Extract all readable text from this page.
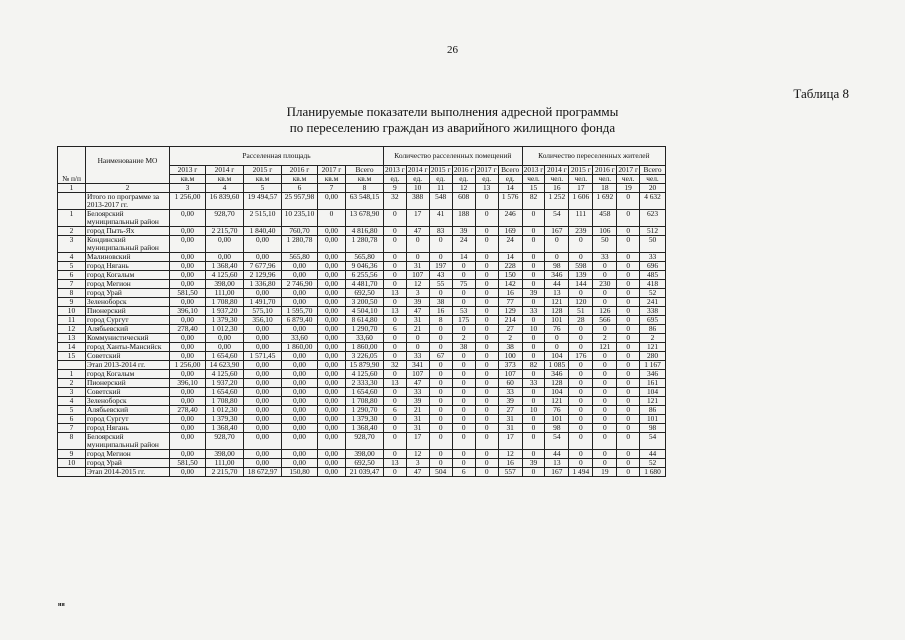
26
Таблица 8
Планируемые показатели выполнения адресной программы
по переселению граждан из аварийного жилищного фонда
№ п/п	Наименование МО	Расселенная площадь						Количество расселенных помещений						Количество переселенных жителей					
		2013 г	2014 г	2015 г	2016 г	2017 г	Всего	2013 г	2014 г	2015 г	2016 г	2017 г	Всего	2013 г	2014 г	2015 г	2016 г	2017 г	Всего
		кв.м	кв.м	кв.м	кв.м	кв.м	кв.м	ед.	ед.	ед.	ед.	ед.	ед.	чел.	чел.	чел.	чел.	чел.	чел.
1	2	3	4	5	6	7	8	9	10	11	12	13	14	15	16	17	18	19	20
	Итого по программе за 2013-2017 гг.	1 256,00	16 839,60	19 494,57	25 957,98	0,00	63 548,15	32	388	548	608	0	1 576	82	1 252	1 606	1 692	0	4 632
1	Белоярский муниципальный район	0,00	928,70	2 515,10	10 235,10	0	13 678,90	0	17	41	188	0	246	0	54	111	458	0	623
2	город Пыть-Ях	0,00	2 215,70	1 840,40	760,70	0,00	4 816,80	0	47	83	39	0	169	0	167	239	106	0	512
3	Кондинский муниципальный район	0,00	0,00	0,00	1 280,78	0,00	1 280,78	0	0	0	24	0	24	0	0	0	50	0	50
4	Малиновский	0,00	0,00	0,00	565,80	0,00	565,80	0	0	0	14	0	14	0	0	0	33	0	33
5	город Нягань	0,00	1 368,40	7 677,96	0,00	0,00	9 046,36	0	31	197	0	0	228	0	98	598	0	0	696
6	город Когалым	0,00	4 125,60	2 129,96	0,00	0,00	6 255,56	0	107	43	0	0	150	0	346	139	0	0	485
7	город Мегион	0,00	398,00	1 336,80	2 746,90	0,00	4 481,70	0	12	55	75	0	142	0	44	144	230	0	418
8	город Урай	581,50	111,00	0,00	0,00	0,00	692,50	13	3	0	0	0	16	39	13	0	0	0	52
9	Зеленоборск	0,00	1 708,80	1 491,70	0,00	0,00	3 200,50	0	39	38	0	0	77	0	121	120	0	0	241
10	Пионерский	396,10	1 937,20	575,10	1 595,70	0,00	4 504,10	13	47	16	53	0	129	33	128	51	126	0	338
11	город Сургут	0,00	1 379,30	356,10	6 879,40	0,00	8 614,80	0	31	8	175	0	214	0	101	28	566	0	695
12	Алябьевский	278,40	1 012,30	0,00	0,00	0,00	1 290,70	6	21	0	0	0	27	10	76	0	0	0	86
13	Коммунистический	0,00	0,00	0,00	33,60	0,00	33,60	0	0	0	2	0	2	0	0	0	2	0	2
14	город Ханты-Мансийск	0,00	0,00	0,00	1 860,00	0,00	1 860,00	0	0	0	38	0	38	0	0	0	121	0	121
15	Советский	0,00	1 654,60	1 571,45	0,00	0,00	3 226,05	0	33	67	0	0	100	0	104	176	0	0	280
	Этап 2013-2014 гг.	1 256,00	14 623,90	0,00	0,00	0,00	15 879,90	32	341	0	0	0	373	82	1 085	0	0	0	1 167
1	город Когалым	0,00	4 125,60	0,00	0,00	0,00	4 125,60	0	107	0	0	0	107	0	346	0	0	0	346
2	Пионерский	396,10	1 937,20	0,00	0,00	0,00	2 333,30	13	47	0	0	0	60	33	128	0	0	0	161
3	Советский	0,00	1 654,60	0,00	0,00	0,00	1 654,60	0	33	0	0	0	33	0	104	0	0	0	104
4	Зеленоборск	0,00	1 708,80	0,00	0,00	0,00	1 708,80	0	39	0	0	0	39	0	121	0	0	0	121
5	Алябьевский	278,40	1 012,30	0,00	0,00	0,00	1 290,70	6	21	0	0	0	27	10	76	0	0	0	86
6	город Сургут	0,00	1 379,30	0,00	0,00	0,00	1 379,30	0	31	0	0	0	31	0	101	0	0	0	101
7	город Нягань	0,00	1 368,40	0,00	0,00	0,00	1 368,40	0	31	0	0	0	31	0	98	0	0	0	98
8	Белоярский муниципальный район	0,00	928,70	0,00	0,00	0,00	928,70	0	17	0	0	0	17	0	54	0	0	0	54
9	город Мегион	0,00	398,00	0,00	0,00	0,00	398,00	0	12	0	0	0	12	0	44	0	0	0	44
10	город Урай	581,50	111,00	0,00	0,00	0,00	692,50	13	3	0	0	0	16	39	13	0	0	0	52
	Этап 2014-2015 гг.	0,00	2 215,70	18 672,97	150,80	0,00	21 039,47	0	47	504	6	0	557	0	167	1 494	19	0	1 680
ня
